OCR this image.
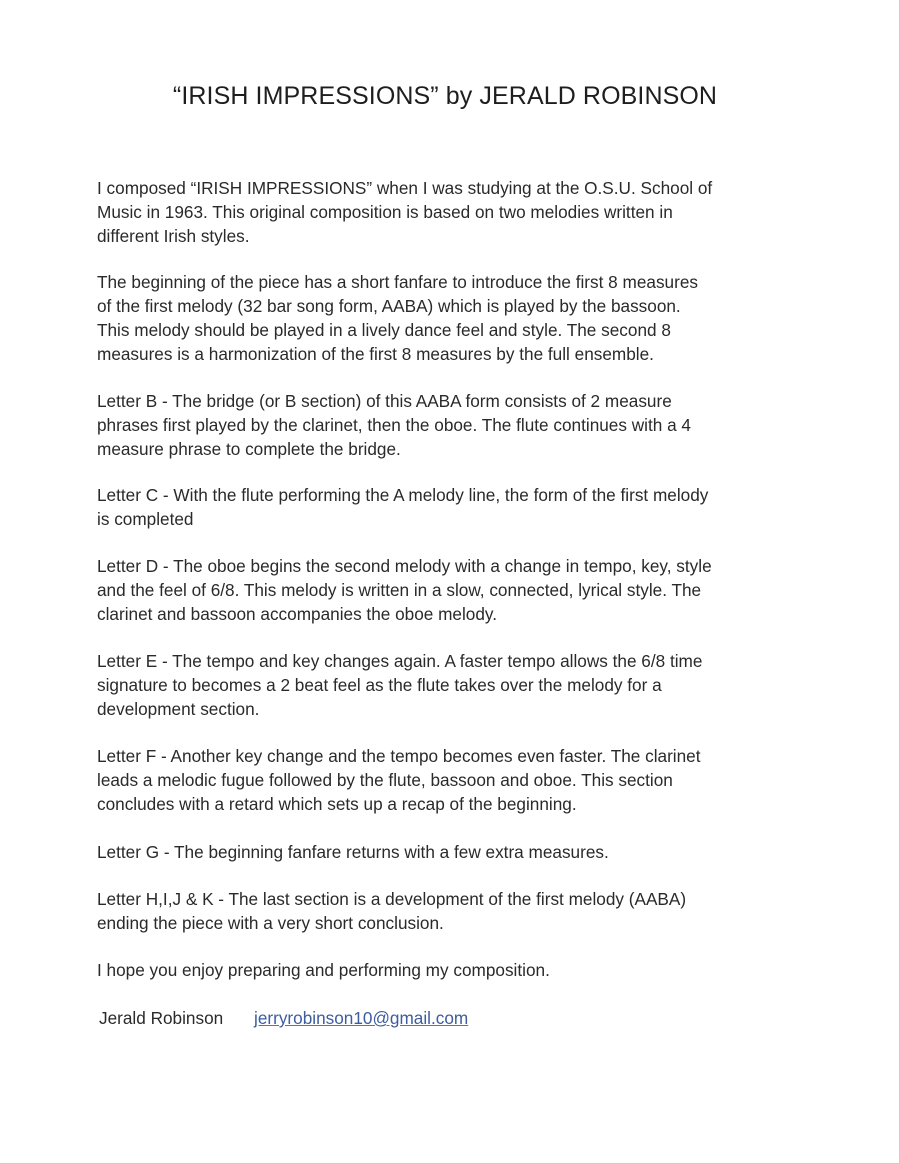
“IRISH IMPRESSIONS” by JERALD ROBINSON

I composed “IRISH IMPRESSIONS” when I was studying at the O.S.U. School of
Music in 1963. This original composition is based on two melodies written in
different Irish styles.

The beginning of the piece has a short fanfare to introduce the first 8 measures
of the first melody (32 bar song form, AABA) which is played by the bassoon.
This melody should be played in a lively dance feel and style. The second 8
measures is a harmonization of the first 8 measures by the full ensemble.

Letter B - The bridge (or B section) of this AABA form consists of 2 measure
phrases first played by the clarinet, then the oboe. The flute continues with a 4
measure phrase to complete the bridge.

Letter C - With the flute performing the A melody line, the form of the first melody
is completed

Letter D - The oboe begins the second melody with a change in tempo, key, style
and the feel of 6/8. This melody is written in a slow, connected, lyrical style. The
clarinet and bassoon accompanies the oboe melody.

Letter E - The tempo and key changes again. A faster tempo allows the 6/8 time
signature to becomes a 2 beat feel as the flute takes over the melody for a
development section.

Letter F - Another key change and the tempo becomes even faster. The clarinet
leads a melodic fugue followed by the flute, bassoon and oboe. This section
concludes with a retard which sets up a recap of the beginning.

Letter G - The beginning fanfare returns with a few extra measures.

Letter H,I,J & K - The last section is a development of the first melody (AABA)
ending the piece with a very short conclusion.

I hope you enjoy preparing and performing my composition.

Jerald Robinson jerryrobinson10@gmail.com
